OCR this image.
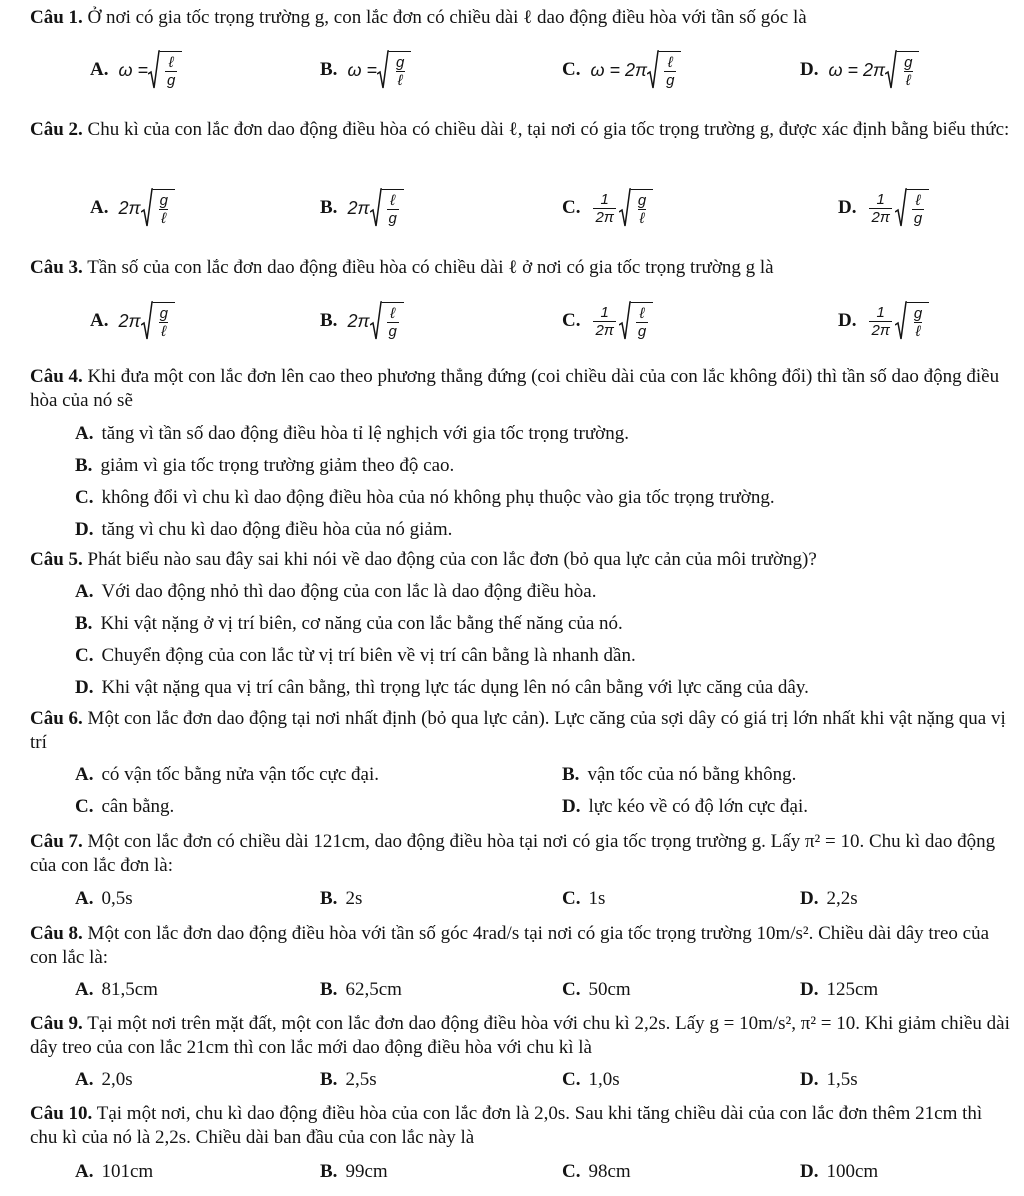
Câu 1. Ở nơi có gia tốc trọng trường g, con lắc đơn có chiều dài ℓ dao động điều hòa với tần số góc là
A. $\omega = \frac{\text{ℓ}}{g}$	B. $\omega = \frac{g}{\text{ℓ}}$	C. $\omega = 2\pi \frac{\text{ℓ}}{g}$	D. $\omega = 2\pi \frac{g}{\text{ℓ}}$
Câu 2. Chu kì của con lắc đơn dao động điều hòa có chiều dài ℓ, tại nơi có gia tốc trọng trường g, được xác định bằng biểu thức:
A. $2\pi \frac{g}{\text{ℓ}}$	B. $2\pi \frac{\text{ℓ}}{g}$	C. $\frac{1}{2\pi} \frac{g}{\text{ℓ}}$	D. $\frac{1}{2\pi} \frac{\text{ℓ}}{g}$
Câu 3. Tần số của con lắc đơn dao động điều hòa có chiều dài ℓ ở nơi có gia tốc trọng trường g là
A. $2\pi \frac{g}{\text{ℓ}}$	B. $2\pi \frac{\text{ℓ}}{g}$	C. $\frac{1}{2\pi} \frac{\text{ℓ}}{g}$	D. $\frac{1}{2\pi} \frac{g}{\text{ℓ}}$
Câu 4. Khi đưa một con lắc đơn lên cao theo phương thẳng đứng (coi chiều dài của con lắc không đổi) thì tần số dao động điều hòa của nó sẽ
A. tăng vì tần số dao động điều hòa tỉ lệ nghịch với gia tốc trọng trường.
B. giảm vì gia tốc trọng trường giảm theo độ cao.
C. không đổi vì chu kì dao động điều hòa của nó không phụ thuộc vào gia tốc trọng trường.
D. tăng vì chu kì dao động điều hòa của nó giảm.
Câu 5. Phát biểu nào sau đây sai khi nói về dao động của con lắc đơn (bỏ qua lực cản của môi trường)?
A. Với dao động nhỏ thì dao động của con lắc là dao động điều hòa.
B. Khi vật nặng ở vị trí biên, cơ năng của con lắc bằng thế năng của nó.
C. Chuyển động của con lắc từ vị trí biên về vị trí cân bằng là nhanh dần.
D. Khi vật nặng qua vị trí cân bằng, thì trọng lực tác dụng lên nó cân bằng với lực căng của dây.
Câu 6. Một con lắc đơn dao động tại nơi nhất định (bỏ qua lực cản). Lực căng của sợi dây có giá trị lớn nhất khi vật nặng qua vị trí
A. có vận tốc bằng nửa vận tốc cực đại.	B. vận tốc của nó bằng không.
C. cân bằng.	D. lực kéo về có độ lớn cực đại.
Câu 7. Một con lắc đơn có chiều dài 121cm, dao động điều hòa tại nơi có gia tốc trọng trường g. Lấy π² = 10. Chu kì dao động của con lắc đơn là:
A. 0,5s	B. 2s	C. 1s	D. 2,2s
Câu 8. Một con lắc đơn dao động điều hòa với tần số góc 4rad/s tại nơi có gia tốc trọng trường 10m/s². Chiều dài dây treo của con lắc là:
A. 81,5cm	B. 62,5cm	C. 50cm	D. 125cm
Câu 9. Tại một nơi trên mặt đất, một con lắc đơn dao động điều hòa với chu kì 2,2s. Lấy g = 10m/s², π² = 10. Khi giảm chiều dài dây treo của con lắc 21cm thì con lắc mới dao động điều hòa với chu kì là
A. 2,0s	B. 2,5s	C. 1,0s	D. 1,5s
Câu 10. Tại một nơi, chu kì dao động điều hòa của con lắc đơn là 2,0s. Sau khi tăng chiều dài của con lắc đơn thêm 21cm thì chu kì của nó là 2,2s. Chiều dài ban đầu của con lắc này là
A. 101cm	B. 99cm	C. 98cm	D. 100cm
